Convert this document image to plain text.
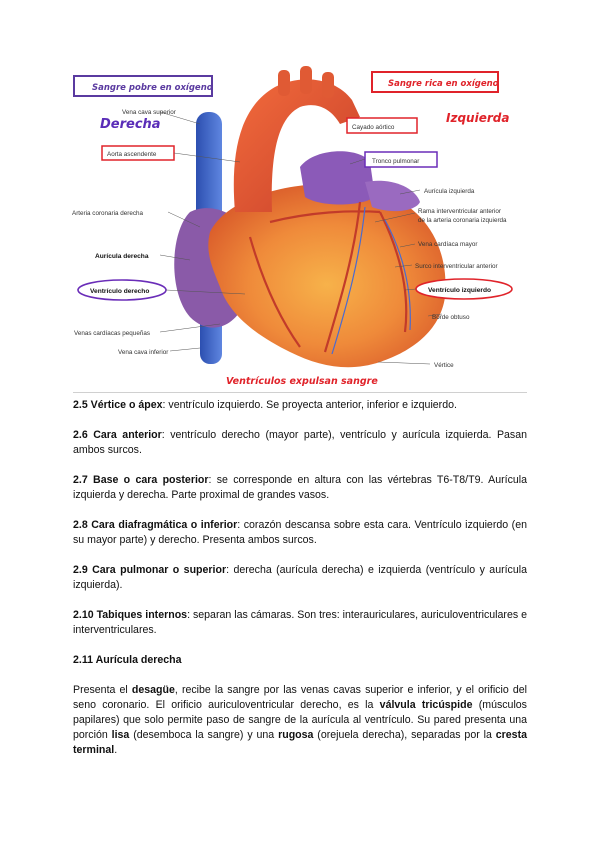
Sangre pobre en oxígeno	Sangre rica en oxígeno
Derecha	Izquierda
Vena cava superior
Aorta ascendente
Arteria coronaria derecha
Aurícula derecha
Ventrículo derecho
Venas cardíacas pequeñas
Vena cava inferior
Cayado aórtico
Tronco pulmonar
Aurícula izquierda
Rama interventricular anterior
de la arteria coronaria izquierda
Vena cardíaca mayor
Surco interventricular anterior
Ventrículo izquierdo
Borde obtuso
Vértice
Ventrículos expulsan sangre

2.5 Vértice o ápex: ventrículo izquierdo. Se proyecta anterior, inferior e izquierdo.

2.6 Cara anterior: ventrículo derecho (mayor parte), ventrículo y aurícula izquierda. Pasan ambos surcos.

2.7 Base o cara posterior: se corresponde en altura con las vértebras T6-T8/T9. Aurícula izquierda y derecha. Parte proximal de grandes vasos.

2.8 Cara diafragmática o inferior: corazón descansa sobre esta cara. Ventrículo izquierdo (en su mayor parte) y derecho. Presenta ambos surcos.

2.9 Cara pulmonar o superior: derecha (aurícula derecha) e izquierda (ventrículo y aurícula izquierda).

2.10 Tabiques internos: separan las cámaras. Son tres: interauriculares, auriculoventriculares e interventriculares.

2.11 Aurícula derecha

Presenta el desagüe, recibe la sangre por las venas cavas superior e inferior, y el orificio del seno coronario. El orificio auriculoventricular derecho, es la válvula tricúspide (músculos papilares) que solo permite paso de sangre de la aurícula al ventrículo. Su pared presenta una porción lisa (desemboca la sangre) y una rugosa (orejuela derecha), separadas por la cresta terminal.
